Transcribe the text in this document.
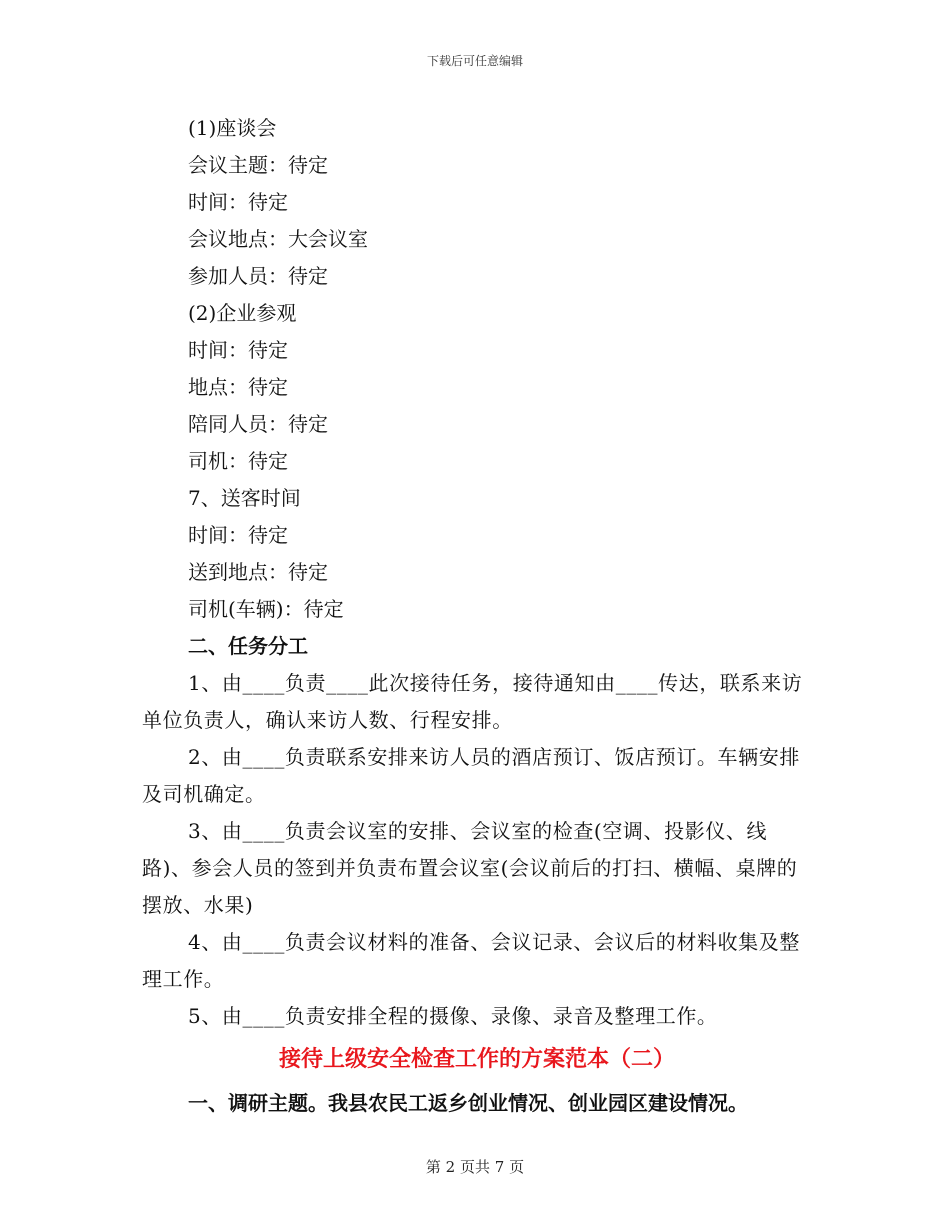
下载后可任意编辑
(1)座谈会
会议主题：待定
时间：待定
会议地点：大会议室
参加人员：待定
(2)企业参观
时间：待定
地点：待定
陪同人员：待定
司机：待定
7、送客时间
时间：待定
送到地点：待定
司机(车辆)：待定
二、任务分工
1、由____负责____此次接待任务，接待通知由____传达，联系来访单位负责人，确认来访人数、行程安排。
2、由____负责联系安排来访人员的酒店预订、饭店预订。车辆安排及司机确定。
3、由____负责会议室的安排、会议室的检查(空调、投影仪、线路)、参会人员的签到并负责布置会议室(会议前后的打扫、横幅、桌牌的摆放、水果)
4、由____负责会议材料的准备、会议记录、会议后的材料收集及整理工作。
5、由____负责安排全程的摄像、录像、录音及整理工作。
接待上级安全检查工作的方案范本（二）
一、调研主题。我县农民工返乡创业情况、创业园区建设情况。
第 2 页共 7 页
